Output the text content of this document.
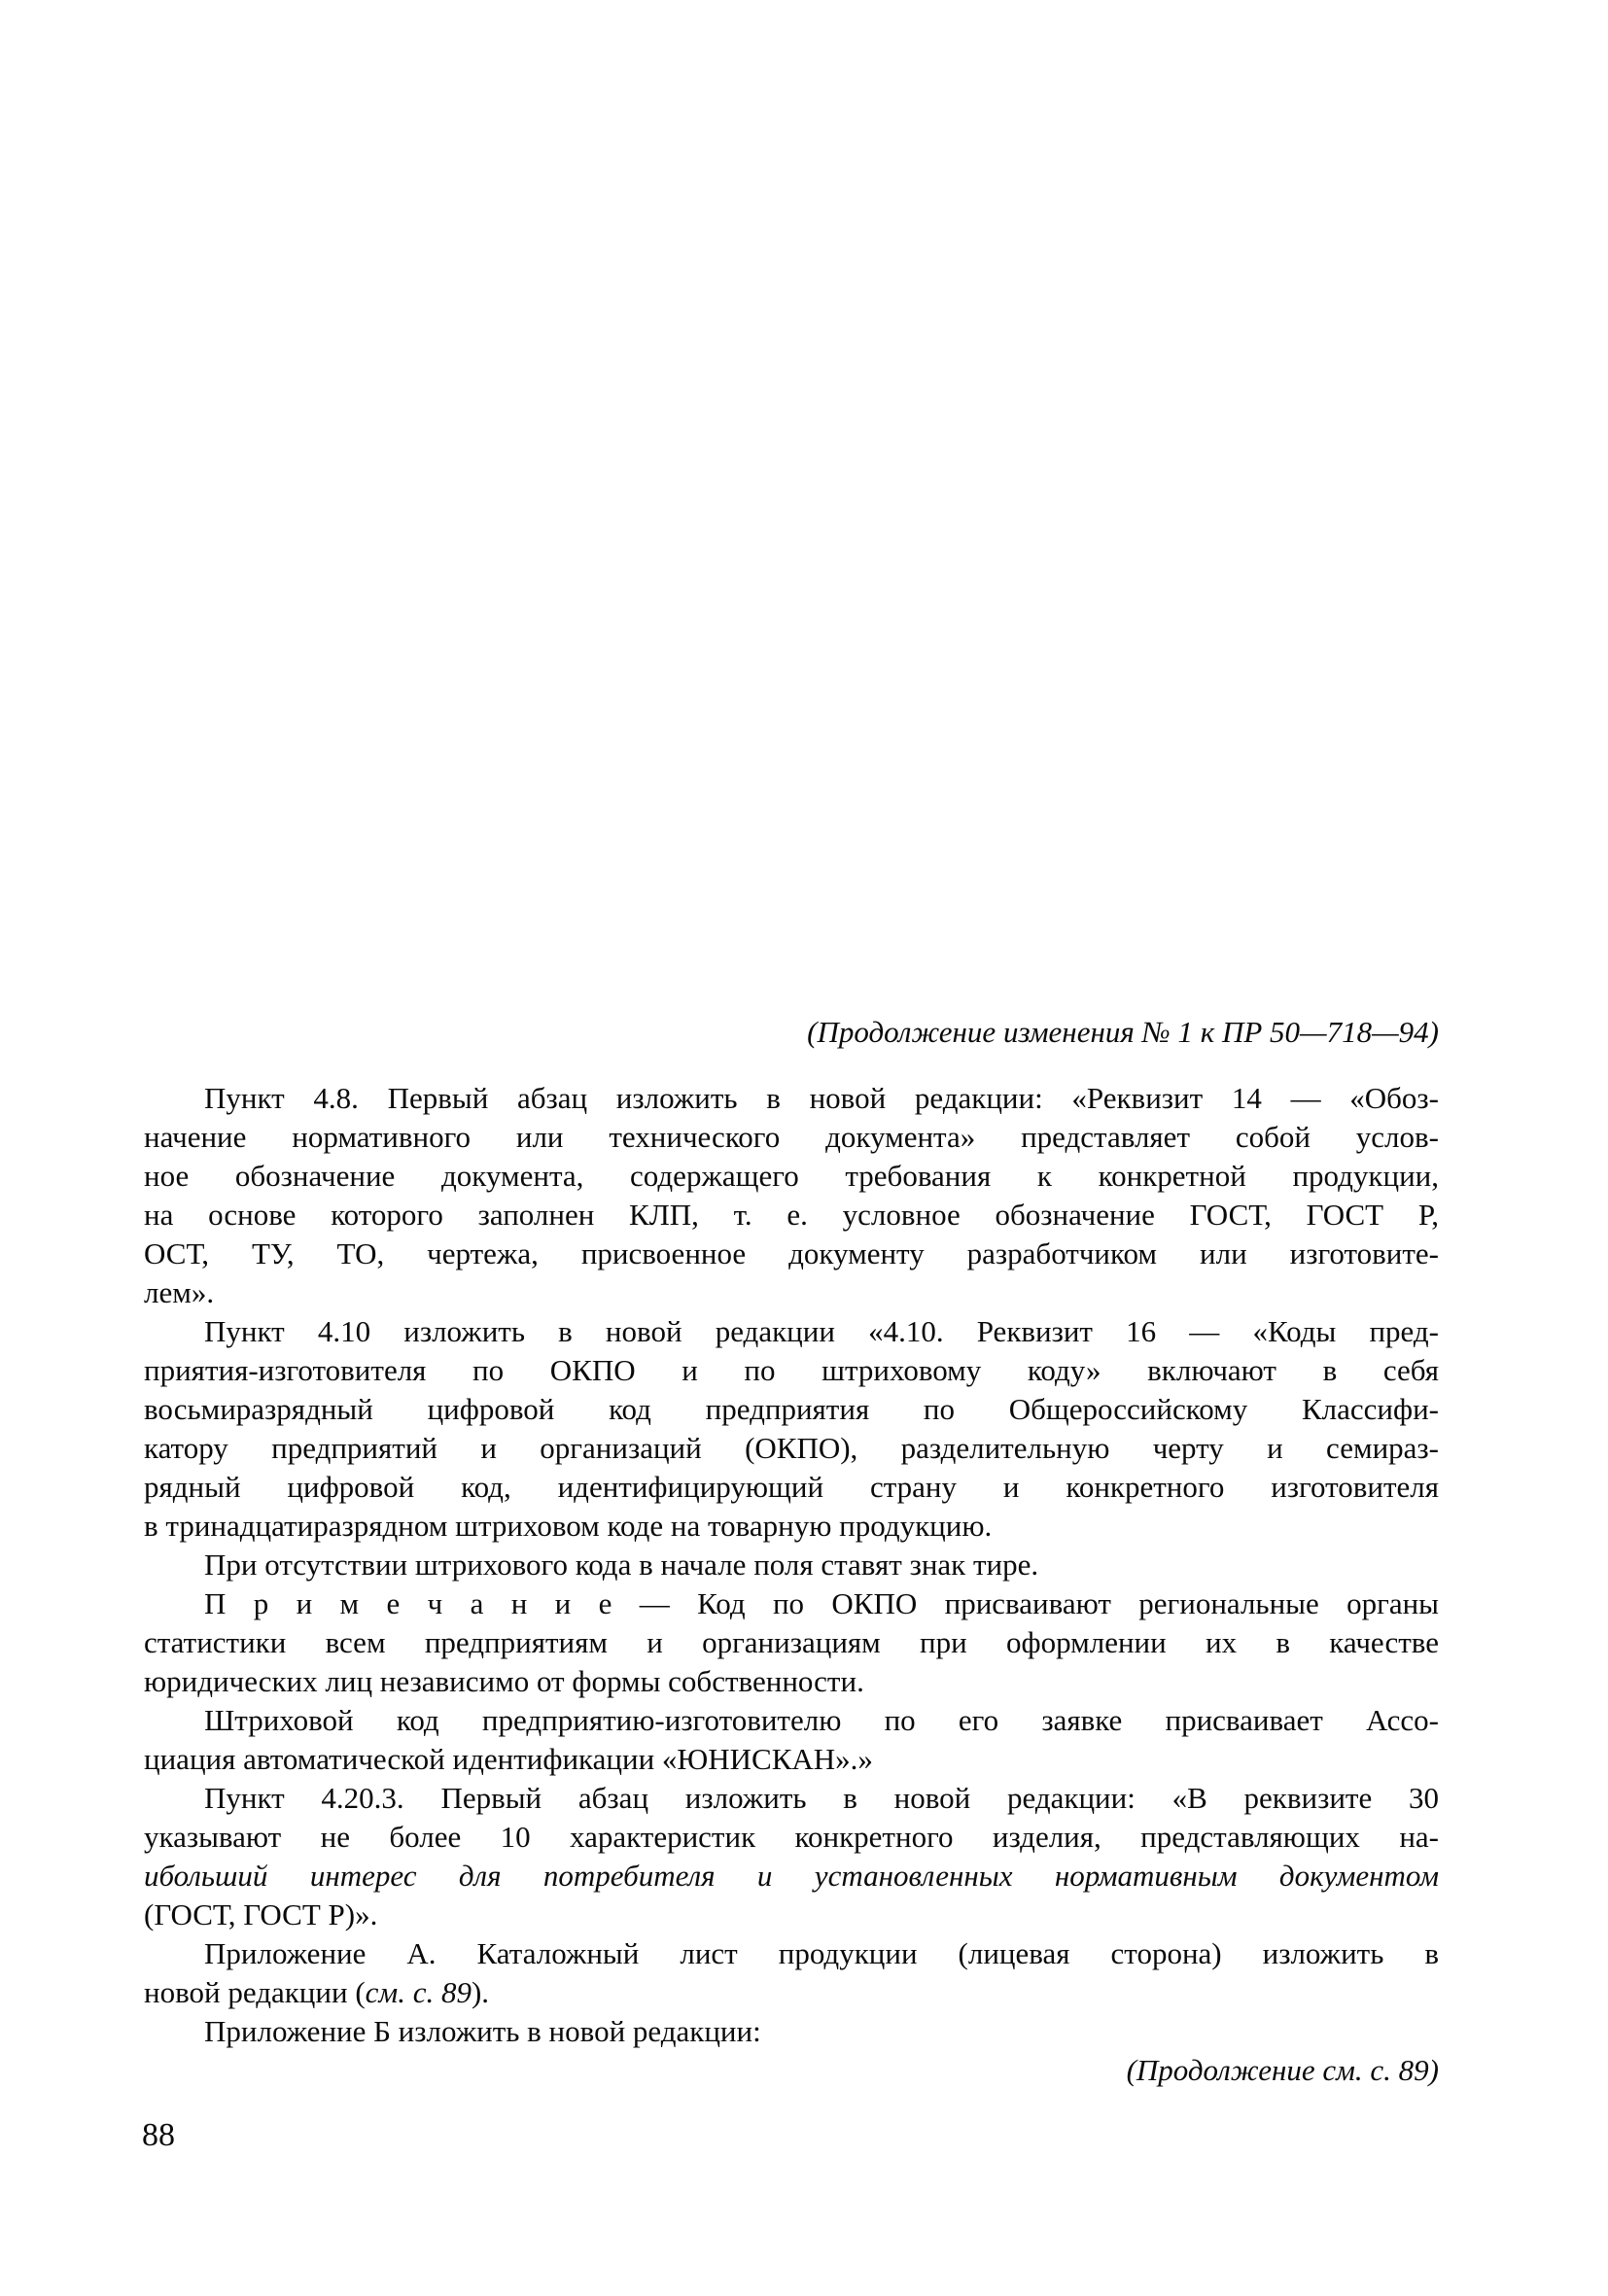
(Продолжение изменения № 1 к ПР 50—718—94)
Пункт 4.8. Первый абзац изложить в новой редакции: «Реквизит 14 — «Обоз-
начение нормативного или технического документа» представляет собой услов-
ное обозначение документа, содержащего требования к конкретной продукции,
на основе которого заполнен КЛП, т. е. условное обозначение ГОСТ, ГОСТ Р,
ОСТ, ТУ, ТО, чертежа, присвоенное документу разработчиком или изготовите-
лем».
Пункт 4.10 изложить в новой редакции «4.10. Реквизит 16 — «Коды пред-
приятия-изготовителя по ОКПО и по штриховому коду» включают в себя
восьмиразрядный цифровой код предприятия по Общероссийскому Классифи-
катору предприятий и организаций (ОКПО), разделительную черту и семираз-
рядный цифровой код, идентифицирующий страну и конкретного изготовителя
в тринадцатиразрядном штриховом коде на товарную продукцию.
При отсутствии штрихового кода в начале поля ставят знак тире.
П р и м е ч а н и е — Код по ОКПО присваивают региональные органы
статистики всем предприятиям и организациям при оформлении их в качестве
юридических лиц независимо от формы собственности.
Штриховой код предприятию-изготовителю по его заявке присваивает Ассо-
циация автоматической идентификации «ЮНИСКАН».»
Пункт 4.20.3. Первый абзац изложить в новой редакции: «В реквизите 30
указывают не более 10 характеристик конкретного изделия, представляющих на-
ибольший интерес для потребителя и установленных нормативным документом
(ГОСТ, ГОСТ Р)».
Приложение А. Каталожный лист продукции (лицевая сторона) изложить в
новой редакции (см. с. 89).
Приложение Б изложить в новой редакции:
(Продолжение см. с. 89)
88
